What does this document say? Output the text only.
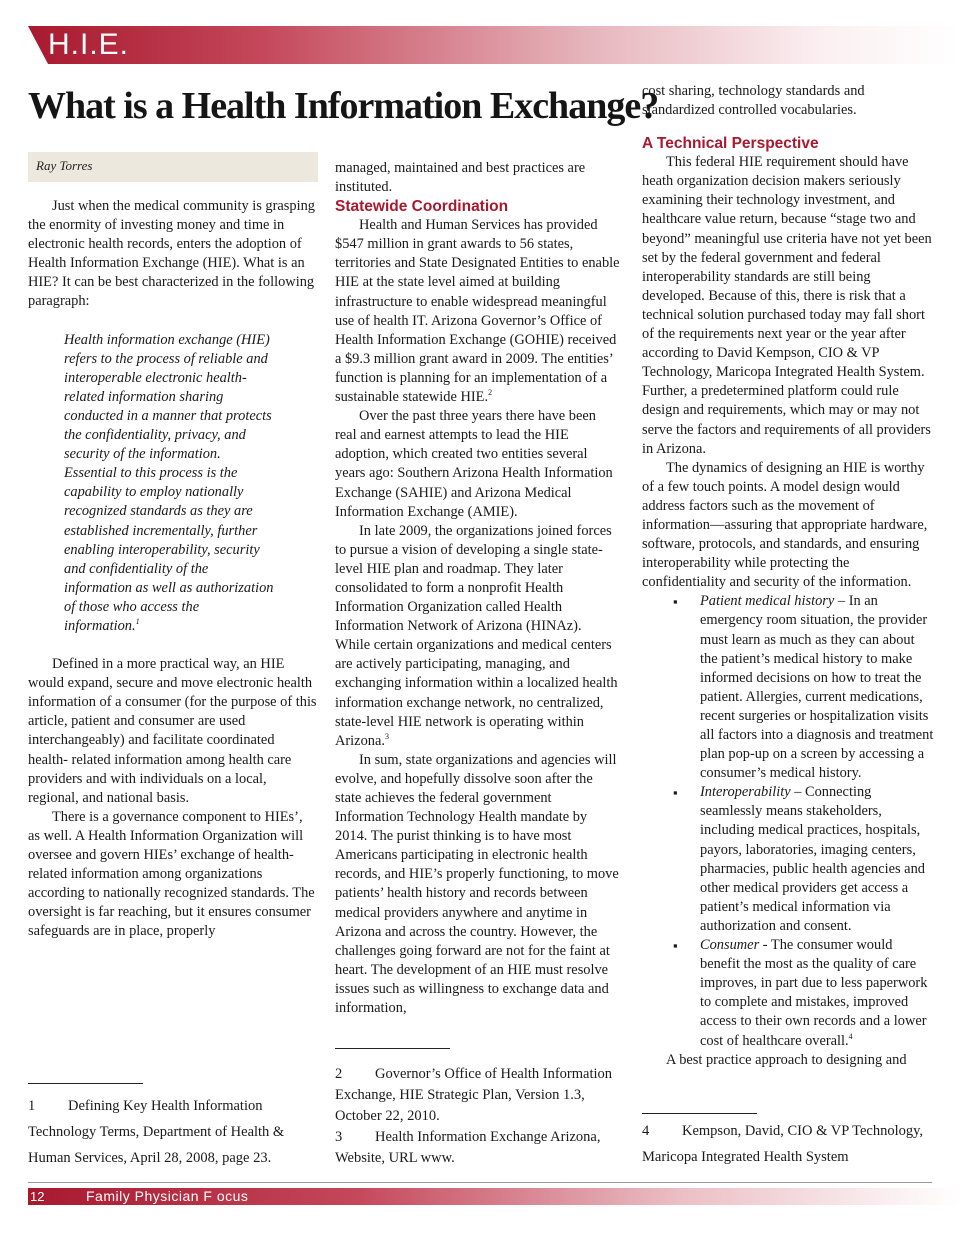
H.I.E.
What is a Health Information Exchange?
Ray Torres

Just when the medical community is grasping the enormity of investing money and time in electronic health records, enters the adoption of Health Information Exchange (HIE). What is an HIE? It can be best characterized in the following paragraph:

Health information exchange (HIE) refers to the process of reliable and interoperable electronic health-related information sharing conducted in a manner that protects the confidentiality, privacy, and security of the information. Essential to this process is the capability to employ nationally recognized standards as they are established incrementally, further enabling interoperability, security and confidentiality of the information as well as authorization of those who access the information.$^1$

Defined in a more practical way, an HIE would expand, secure and move electronic health information of a consumer (for the purpose of this article, patient and consumer are used interchangeably) and facilitate coordinated health- related information among health care providers and with individuals on a local, regional, and national basis.

There is a governance component to HIEs’, as well. A Health Information Organization will oversee and govern HIEs’ exchange of health-related information among organizations according to nationally recognized standards. The oversight is far reaching, but it ensures consumer safeguards are in place, properly

managed, maintained and best practices are instituted.

Statewide Coordination

Health and Human Services has provided $547 million in grant awards to 56 states, territories and State Designated Entities to enable HIE at the state level aimed at building infrastructure to enable widespread meaningful use of health IT. Arizona Governor’s Office of Health Information Exchange (GOHIE) received a $9.3 million grant award in 2009. The entities’ function is planning for an implementation of a sustainable statewide HIE.$^2$

Over the past three years there have been real and earnest attempts to lead the HIE adoption, which created two entities several years ago: Southern Arizona Health Information Exchange (SAHIE) and Arizona Medical Information Exchange (AMIE).

In late 2009, the organizations joined forces to pursue a vision of developing a single state-level HIE plan and roadmap. They later consolidated to form a nonprofit Health Information Organization called Health Information Network of Arizona (HINAz). While certain organizations and medical centers are actively participating, managing, and exchanging information within a localized health information exchange network, no centralized, state-level HIE network is operating within Arizona.$^3$

In sum, state organizations and agencies will evolve, and hopefully dissolve soon after the state achieves the federal government Information Technology Health mandate by 2014. The purist thinking is to have most Americans participating in electronic health records, and HIE’s properly functioning, to move patients’ health history and records between medical providers anywhere and anytime in Arizona and across the country. However, the challenges going forward are not for the faint at heart. The development of an HIE must resolve issues such as willingness to exchange data and information,

cost sharing, technology standards and standardized controlled vocabularies.

A Technical Perspective

This federal HIE requirement should have heath organization decision makers seriously examining their technology investment, and healthcare value return, because “stage two and beyond” meaningful use criteria have not yet been set by the federal government and federal interoperability standards are still being developed. Because of this, there is risk that a technical solution purchased today may fall short of the requirements next year or the year after according to David Kempson, CIO & VP Technology, Maricopa Integrated Health System. Further, a predetermined platform could rule design and requirements, which may or may not serve the factors and requirements of all providers in Arizona.

The dynamics of designing an HIE is worthy of a few touch points. A model design would address factors such as the movement of information—assuring that appropriate hardware, software, protocols, and standards, and ensuring interoperability while protecting the confidentiality and security of the information.

▪ Patient medical history – In an emergency room situation, the provider must learn as much as they can about the patient’s medical history to make informed decisions on how to treat the patient. Allergies, current medications, recent surgeries or hospitalization visits all factors into a diagnosis and treatment plan pop-up on a screen by accessing a consumer’s medical history.
▪ Interoperability – Connecting seamlessly means stakeholders, including medical practices, hospitals, payors, laboratories, imaging centers, pharmacies, public health agencies and other medical providers get access a patient’s medical information via authorization and consent.
▪ Consumer - The consumer would benefit the most as the quality of care improves, in part due to less paperwork to complete and mistakes, improved access to their own records and a lower cost of healthcare overall.$^4$

A best practice approach to designing and

1 Defining Key Health Information Technology Terms, Department of Health & Human Services, April 28, 2008, page 23.
2 Governor’s Office of Health Information Exchange, HIE Strategic Plan, Version 1.3, October 22, 2010.
3 Health Information Exchange Arizona, Website, URL www.
4 Kempson, David, CIO & VP Technology, Maricopa Integrated Health System
12	Family Physician F ocus
